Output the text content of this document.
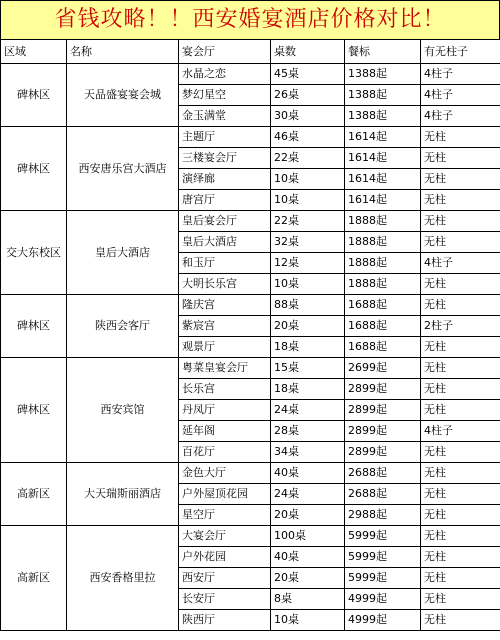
省钱攻略！！西安婚宴酒店价格对比！
区域	名称	宴会厅	桌数	餐标	有无柱子
碑林区	天品盛宴宴会城	水晶之恋	45桌	1388起	4柱子
		梦幻星空	26桌	1388起	4柱子
		金玉满堂	30桌	1388起	4柱子
碑林区	西安唐乐宫大酒店	主题厅	46桌	1614起	无柱
		三楼宴会厅	22桌	1614起	无柱
		演绎廊	10桌	1614起	无柱
		唐宫厅	10桌	1614起	无柱
交大东校区	皇后大酒店	皇后宴会厅	22桌	1888起	无柱
		皇后大酒店	32桌	1888起	无柱
		和玉厅	12桌	1888起	4柱子
		大明长乐宫	10桌	1888起	无柱
碑林区	陕西会客厅	隆庆宫	88桌	1688起	无柱
		紫宸宫	20桌	1688起	2柱子
		观景厅	18桌	1688起	无柱
碑林区	西安宾馆	粤菜皇宴会厅	15桌	2699起	无柱
		长乐宫	18桌	2899起	无柱
		丹凤厅	24桌	2899起	无柱
		延年阁	28桌	2899起	4柱子
		百花厅	34桌	2899起	无柱
高新区	大天瑞斯丽酒店	金色大厅	40桌	2688起	无柱
		户外屋顶花园	24桌	2688起	无柱
		星空厅	20桌	2988起	无柱
高新区	西安香格里拉	大宴会厅	100桌	5999起	无柱
		户外花园	40桌	5999起	无柱
		西安厅	20桌	5999起	无柱
		长安厅	8桌	4999起	无柱
		陕西厅	10桌	4999起	无柱
